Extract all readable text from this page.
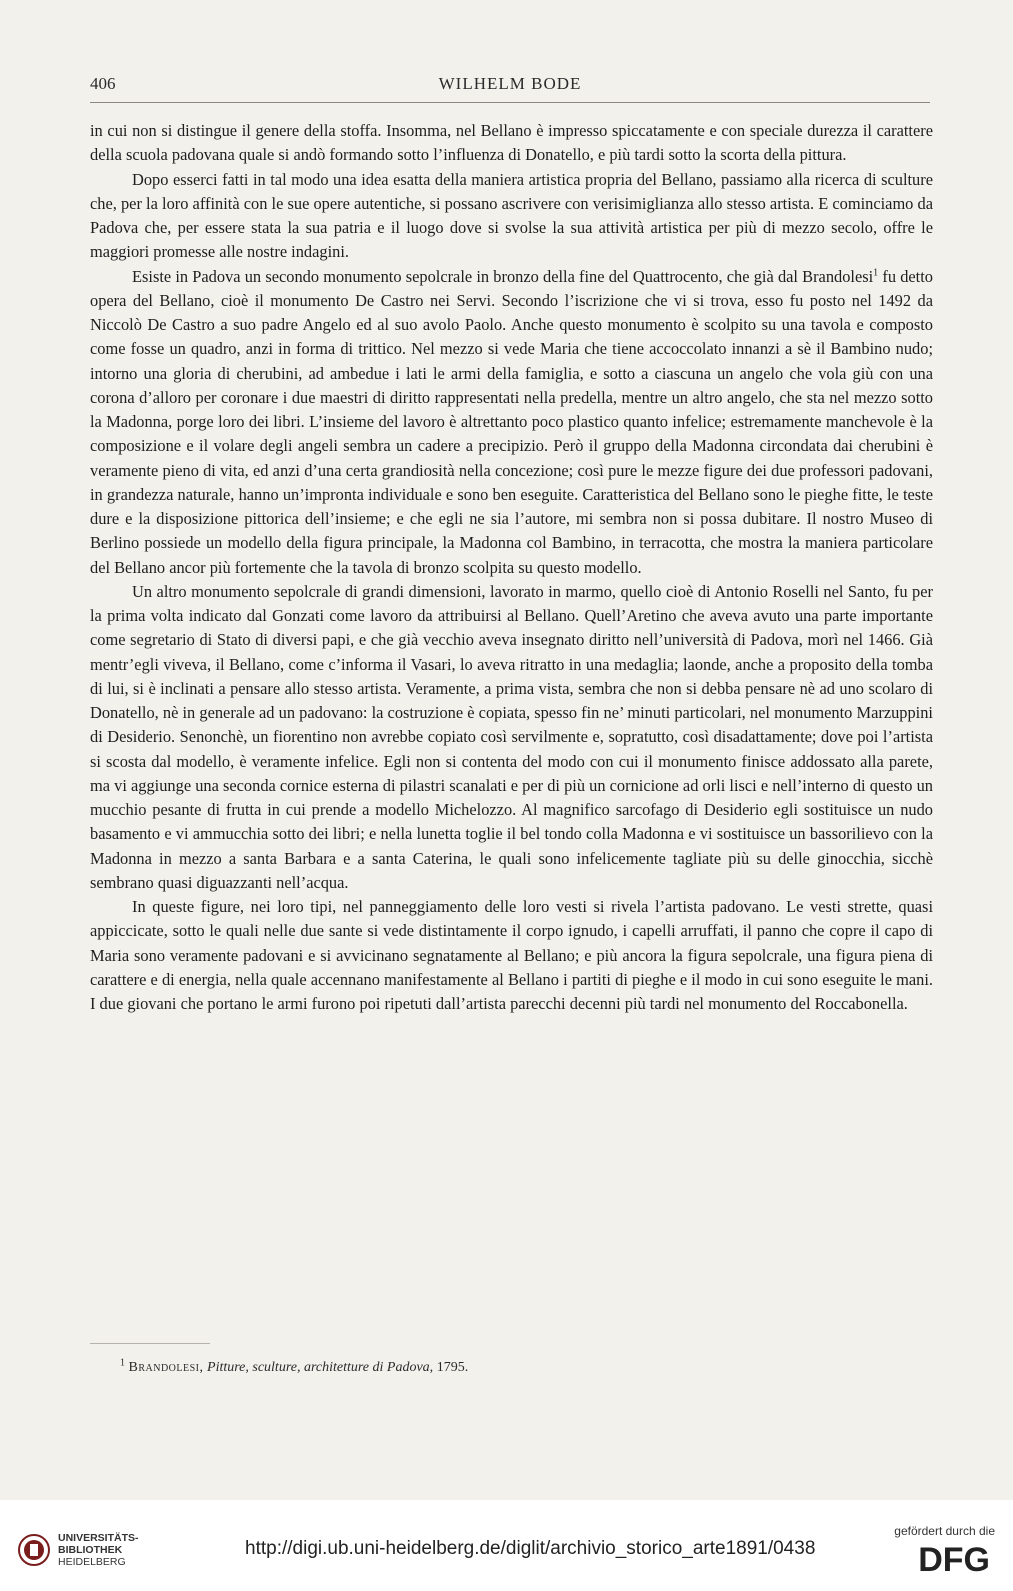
406	WILHELM BODE

in cui non si distingue il genere della stoffa. Insomma, nel Bellano è impresso spiccatamente e con speciale durezza il carattere della scuola padovana quale si andò formando sotto l’influenza di Donatello, e più tardi sotto la scorta della pittura.

Dopo esserci fatti in tal modo una idea esatta della maniera artistica propria del Bellano, passiamo alla ricerca di sculture che, per la loro affinità con le sue opere autentiche, si possano ascrivere con verisimiglianza allo stesso artista. E cominciamo da Padova che, per essere stata la sua patria e il luogo dove si svolse la sua attività artistica per più di mezzo secolo, offre le maggiori promesse alle nostre indagini.

Esiste in Padova un secondo monumento sepolcrale in bronzo della fine del Quattrocento, che già dal Brandolesi$^1$ fu detto opera del Bellano, cioè il monumento De Castro nei Servi. Secondo l’iscrizione che vi si trova, esso fu posto nel 1492 da Niccolò De Castro a suo padre Angelo ed al suo avolo Paolo. Anche questo monumento è scolpito su una tavola e composto come fosse un quadro, anzi in forma di trittico. Nel mezzo si vede Maria che tiene accoccolato innanzi a sè il Bambino nudo; intorno una gloria di cherubini, ad ambedue i lati le armi della famiglia, e sotto a ciascuna un angelo che vola giù con una corona d’alloro per coronare i due maestri di diritto rappresentati nella predella, mentre un altro angelo, che sta nel mezzo sotto la Madonna, porge loro dei libri. L’insieme del lavoro è altrettanto poco plastico quanto infelice; estremamente manchevole è la composizione e il volare degli angeli sembra un cadere a precipizio. Però il gruppo della Madonna circondata dai cherubini è veramente pieno di vita, ed anzi d’una certa grandiosità nella concezione; così pure le mezze figure dei due professori padovani, in grandezza naturale, hanno un’impronta individuale e sono ben eseguite. Caratteristica del Bellano sono le pieghe fitte, le teste dure e la disposizione pittorica dell’insieme; e che egli ne sia l’autore, mi sembra non si possa dubitare. Il nostro Museo di Berlino possiede un modello della figura principale, la Madonna col Bambino, in terracotta, che mostra la maniera particolare del Bellano ancor più fortemente che la tavola di bronzo scolpita su questo modello.

Un altro monumento sepolcrale di grandi dimensioni, lavorato in marmo, quello cioè di Antonio Roselli nel Santo, fu per la prima volta indicato dal Gonzati come lavoro da attribuirsi al Bellano. Quell’Aretino che aveva avuto una parte importante come segretario di Stato di diversi papi, e che già vecchio aveva insegnato diritto nell’università di Padova, morì nel 1466. Già mentr’egli viveva, il Bellano, come c’informa il Vasari, lo aveva ritratto in una medaglia; laonde, anche a proposito della tomba di lui, si è inclinati a pensare allo stesso artista. Veramente, a prima vista, sembra che non si debba pensare nè ad uno scolaro di Donatello, nè in generale ad un padovano: la costruzione è copiata, spesso fin ne’ minuti particolari, nel monumento Marzuppini di Desiderio. Senonchè, un fiorentino non avrebbe copiato così servilmente e, sopratutto, così disadattamente; dove poi l’artista si scosta dal modello, è veramente infelice. Egli non si contenta del modo con cui il monumento finisce addossato alla parete, ma vi aggiunge una seconda cornice esterna di pilastri scanalati e per di più un cornicione ad orli lisci e nell’interno di questo un mucchio pesante di frutta in cui prende a modello Michelozzo. Al magnifico sarcofago di Desiderio egli sostituisce un nudo basamento e vi ammucchia sotto dei libri; e nella lunetta toglie il bel tondo colla Madonna e vi sostituisce un bassorilievo con la Madonna in mezzo a santa Barbara e a santa Caterina, le quali sono infelicemente tagliate più su delle ginocchia, sicchè sembrano quasi diguazzanti nell’acqua.

In queste figure, nei loro tipi, nel panneggiamento delle loro vesti si rivela l’artista padovano. Le vesti strette, quasi appiccicate, sotto le quali nelle due sante si vede distintamente il corpo ignudo, i capelli arruffati, il panno che copre il capo di Maria sono veramente padovani e si avvicinano segnatamente al Bellano; e più ancora la figura sepolcrale, una figura piena di carattere e di energia, nella quale accennano manifestamente al Bellano i partiti di pieghe e il modo in cui sono eseguite le mani. I due giovani che portano le armi furono poi ripetuti dall’artista parecchi decenni più tardi nel monumento del Roccabonella.

$^1$ Brandolesi, Pitture, sculture, architetture di Padova, 1795.
UNIVERSITÄTS-
BIBLIOTHEK
HEIDELBERG
http://digi.ub.uni-heidelberg.de/diglit/archivio_storico_arte1891/0438
gefördert durch die
DFG
